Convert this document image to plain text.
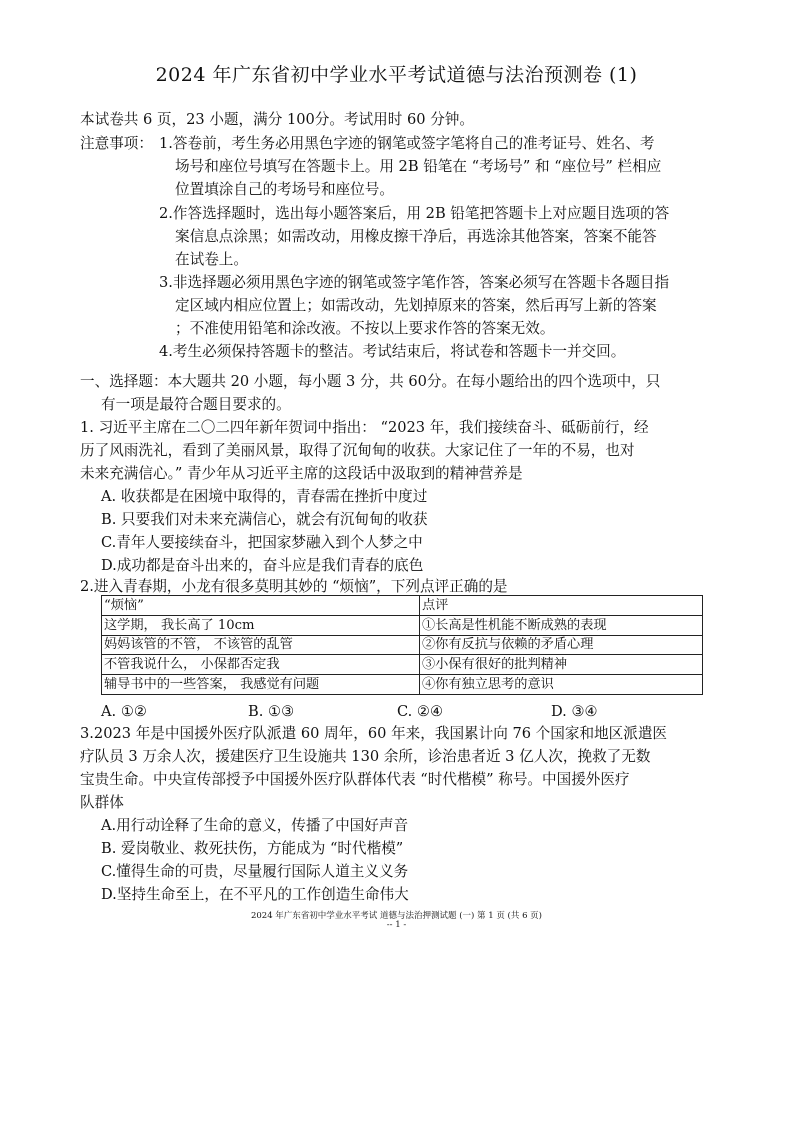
2024 年广东省初中学业水平考试道德与法治预测卷 (1)
本试卷共 6 页，23 小题，满分 100分。考试用时 60 分钟。
注意事项： 1.答卷前，考生务必用黑色字迹的钢笔或签字笔将自己的准考证号、姓名、考
场号和座位号填写在答题卡上。用 2B 铅笔在 “考场号” 和 “座位号” 栏相应
位置填涂自己的考场号和座位号。
2.作答选择题时，选出每小题答案后，用 2B 铅笔把答题卡上对应题目选项的答
案信息点涂黑；如需改动，用橡皮擦干净后，再选涂其他答案，答案不能答
在试卷上。
3.非选择题必须用黑色字迹的钢笔或签字笔作答，答案必须写在答题卡各题目指
定区域内相应位置上；如需改动，先划掉原来的答案，然后再写上新的答案
；不准使用铅笔和涂改液。不按以上要求作答的答案无效。
4.考生必须保持答题卡的整洁。考试结束后，将试卷和答题卡一并交回。
一、选择题：本大题共 20 小题，每小题 3 分，共 60分。在每小题给出的四个选项中，只
有一项是最符合题目要求的。
1. 习近平主席在二〇二四年新年贺词中指出： “2023 年，我们接续奋斗、砥砺前行，经
历了风雨洗礼，看到了美丽风景，取得了沉甸甸的收获。大家记住了一年的不易，也对
未来充满信心。” 青少年从习近平主席的这段话中汲取到的精神营养是
A. 收获都是在困境中取得的，青春需在挫折中度过
B. 只要我们对未来充满信心，就会有沉甸甸的收获
C.青年人要接续奋斗，把国家梦融入到个人梦之中
D.成功都是奋斗出来的，奋斗应是我们青春的底色
2.进入青春期，小龙有很多莫明其妙的 “烦恼”，下列点评正确的是
“烦恼”	点评
这学期， 我长高了 10cm	①长高是性机能不断成熟的表现
妈妈该管的不管， 不该管的乱管	②你有反抗与依赖的矛盾心理
不管我说什么， 小保都否定我	③小保有很好的批判精神
辅导书中的一些答案， 我感觉有问题	④你有独立思考的意识
A. ①②	B. ①③	C. ②④	D. ③④
3.2023 年是中国援外医疗队派遣 60 周年，60 年来，我国累计向 76 个国家和地区派遣医
疗队员 3 万余人次，援建医疗卫生设施共 130 余所，诊治患者近 3 亿人次，挽救了无数
宝贵生命。中央宣传部授予中国援外医疗队群体代表 “时代楷模” 称号。中国援外医疗
队群体
A.用行动诠释了生命的意义，传播了中国好声音
B. 爱岗敬业、救死扶伤，方能成为 “时代楷模”
C.懂得生命的可贵，尽量履行国际人道主义义务
D.坚持生命至上，在不平凡的工作创造生命伟大
2024 年广东省初中学业水平考试 道德与法治押测试题 (一) 第 1 页 (共 6 页)
-- 1 -
